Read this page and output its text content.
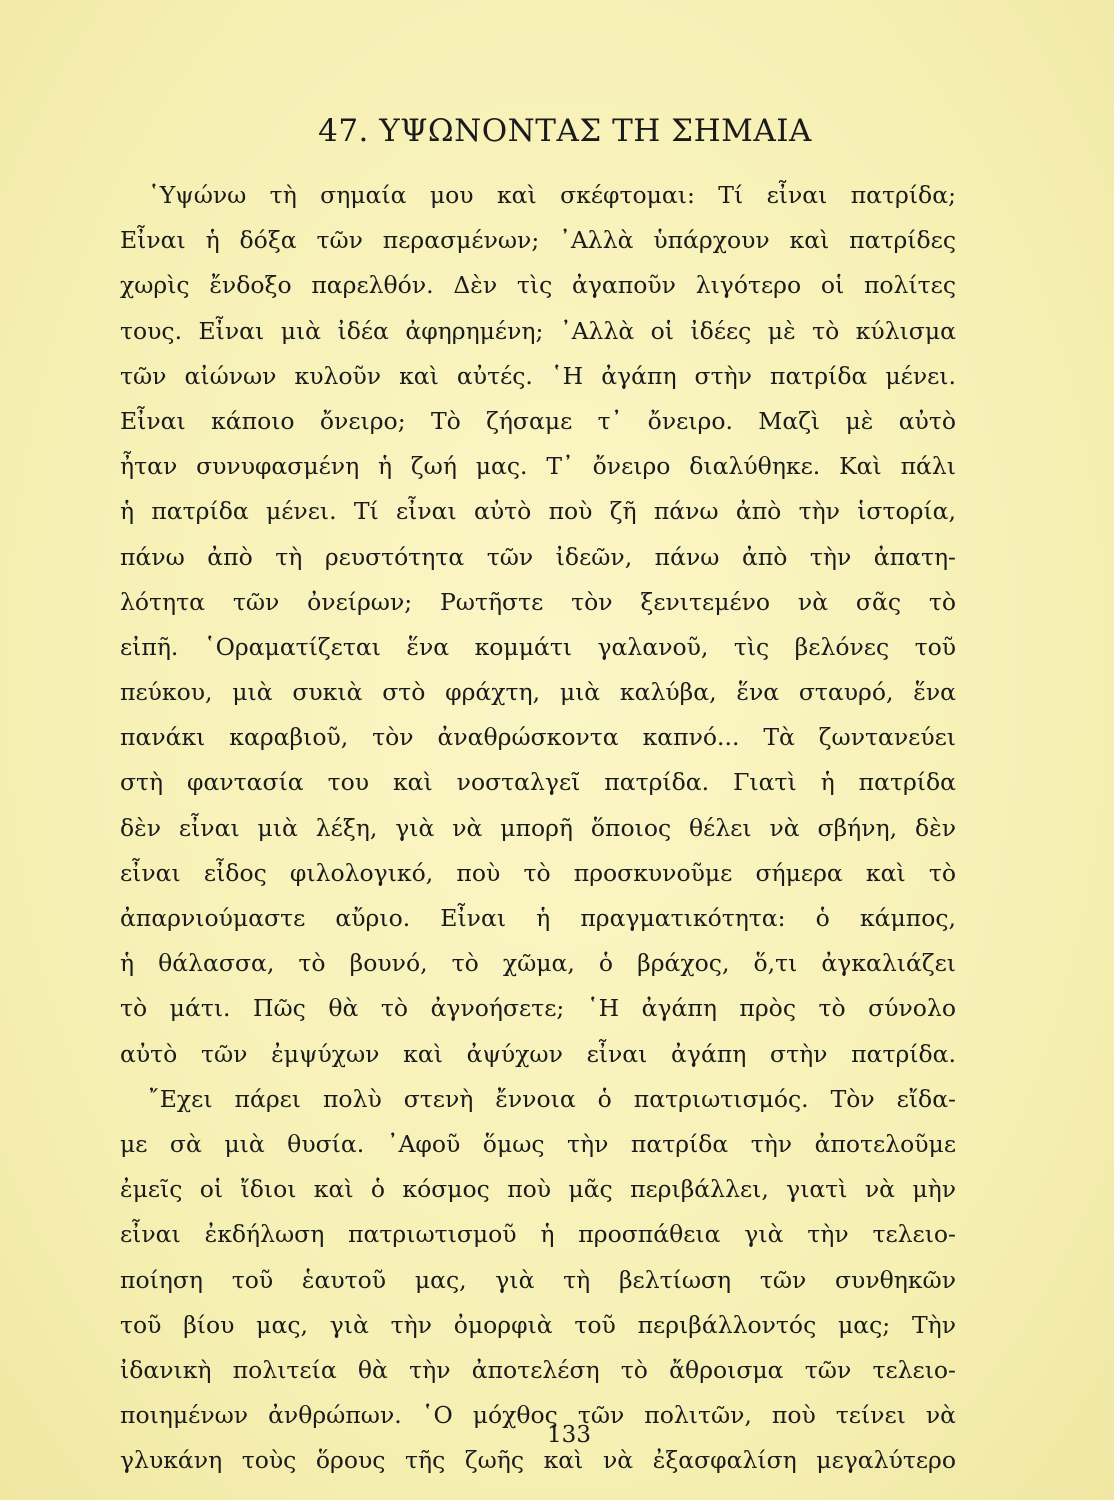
47. ΥΨΩΝΟΝΤΑΣ ΤΗ ΣΗΜΑΙΑ
῾Υψώνω τὴ σημαία μου καὶ σκέφτομαι: Τί εἶναι πατρίδα;
Εἶναι ἡ δόξα τῶν περασμένων; ᾿Αλλὰ ὑπάρχουν καὶ πατρίδες
χωρὶς ἔνδοξο παρελθόν. Δὲν τὶς ἀγαποῦν λιγότερο οἱ πολίτες
τους. Εἶναι μιὰ ἰδέα ἀφηρημένη; ᾿Αλλὰ οἱ ἰδέες μὲ τὸ κύλισμα
τῶν αἰώνων κυλοῦν καὶ αὐτές. ῾Η ἀγάπη στὴν πατρίδα μένει.
Εἶναι κάποιο ὄνειρο; Τὸ ζήσαμε τ᾿ ὄνειρο. Μαζὶ μὲ αὐτὸ
ἦταν συνυφασμένη ἡ ζωή μας. Τ᾿ ὄνειρο διαλύθηκε. Καὶ πάλι
ἡ πατρίδα μένει. Τί εἶναι αὐτὸ ποὺ ζῆ πάνω ἀπὸ τὴν ἱστορία,
πάνω ἀπὸ τὴ ρευστότητα τῶν ἰδεῶν, πάνω ἀπὸ τὴν ἀπατη-
λότητα τῶν ὀνείρων; Ρωτῆστε τὸν ξενιτεμένο νὰ σᾶς τὸ
εἰπῆ. ῾Οραματίζεται ἕνα κομμάτι γαλανοῦ, τὶς βελόνες τοῦ
πεύκου, μιὰ συκιὰ στὸ φράχτη, μιὰ καλύβα, ἕνα σταυρό, ἕνα
πανάκι καραβιοῦ, τὸν ἀναθρώσκοντα καπνό... Τὰ ζωντανεύει
στὴ φαντασία του καὶ νοσταλγεῖ πατρίδα. Γιατὶ ἡ πατρίδα
δὲν εἶναι μιὰ λέξη, γιὰ νὰ μπορῆ ὅποιος θέλει νὰ σβήνη, δὲν
εἶναι εἶδος φιλολογικό, ποὺ τὸ προσκυνοῦμε σήμερα καὶ τὸ
ἀπαρνιούμαστε αὔριο. Εἶναι ἡ πραγματικότητα: ὁ κάμπος,
ἡ θάλασσα, τὸ βουνό, τὸ χῶμα, ὁ βράχος, ὅ,τι ἀγκαλιάζει
τὸ μάτι. Πῶς θὰ τὸ ἀγνοήσετε; ῾Η ἀγάπη πρὸς τὸ σύνολο
αὐτὸ τῶν ἐμψύχων καὶ ἀψύχων εἶναι ἀγάπη στὴν πατρίδα.
῎Εχει πάρει πολὺ στενὴ ἔννοια ὁ πατριωτισμός. Τὸν εἴδα-
με σὰ μιὰ θυσία. ᾿Αφοῦ ὅμως τὴν πατρίδα τὴν ἀποτελοῦμε
ἐμεῖς οἱ ἴδιοι καὶ ὁ κόσμος ποὺ μᾶς περιβάλλει, γιατὶ νὰ μὴν
εἶναι ἐκδήλωση πατριωτισμοῦ ἡ προσπάθεια γιὰ τὴν τελειο-
ποίηση τοῦ ἑαυτοῦ μας, γιὰ τὴ βελτίωση τῶν συνθηκῶν
τοῦ βίου μας, γιὰ τὴν ὀμορφιὰ τοῦ περιβάλλοντός μας; Τὴν
ἰδανικὴ πολιτεία θὰ τὴν ἀποτελέση τὸ ἄθροισμα τῶν τελειο-
ποιημένων ἀνθρώπων. ῾Ο μόχθος τῶν πολιτῶν, ποὺ τείνει νὰ
γλυκάνη τοὺς ὅρους τῆς ζωῆς καὶ νὰ ἐξασφαλίση μεγαλύτερο
133
